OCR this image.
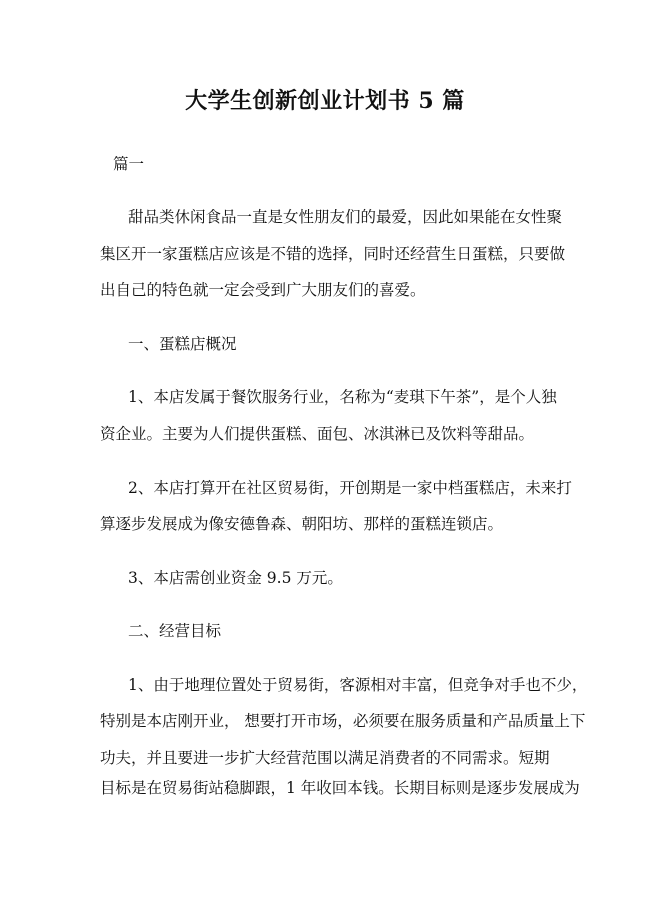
大学生创新创业计划书 5 篇
篇一
甜品类休闲食品一直是女性朋友们的最爱，因此如果能在女性聚
集区开一家蛋糕店应该是不错的选择，同时还经营生日蛋糕，只要做
出自己的特色就一定会受到广大朋友们的喜爱。
一、蛋糕店概况
1、本店发属于餐饮服务行业，名称为“麦琪下午茶”，是个人独
资企业。主要为人们提供蛋糕、面包、冰淇淋已及饮料等甜品。
2、本店打算开在社区贸易街，开创期是一家中档蛋糕店，未来打
算逐步发展成为像安德鲁森、朝阳坊、那样的蛋糕连锁店。
3、本店需创业资金 9.5 万元。
二、经营目标
1、由于地理位置处于贸易街，客源相对丰富，但竞争对手也不少，
特别是本店刚开业， 想要打开市场，必须要在服务质量和产品质量上下
功夫，并且要进一步扩大经营范围以满足消费者的不同需求。短期
目标是在贸易街站稳脚跟，1 年收回本钱。长期目标则是逐步发展成为
